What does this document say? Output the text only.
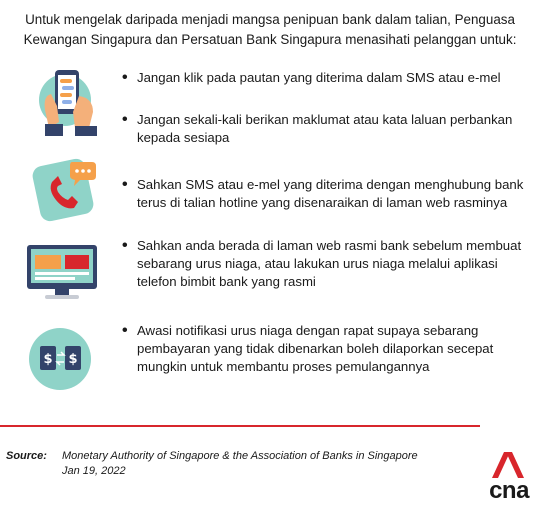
Untuk mengelak daripada menjadi mangsa penipuan bank dalam talian, Penguasa Kewangan Singapura dan Persatuan Bank Singapura menasihati pelanggan untuk:
• Jangan klik pada pautan yang diterima dalam SMS atau e-mel
• Jangan sekali-kali berikan maklumat atau kata laluan perbankan kepada sesiapa
• Sahkan SMS atau e-mel yang diterima dengan menghubung bank terus di talian hotline yang disenaraikan di laman web rasminya
• Sahkan anda berada di laman web rasmi bank sebelum membuat sebarang urus niaga, atau lakukan urus niaga melalui aplikasi telefon bimbit bank yang rasmi
$ $
• Awasi notifikasi urus niaga dengan rapat supaya sebarang pembayaran yang tidak dibenarkan boleh dilaporkan secepat mungkin untuk membantu proses pemulangannya
Source: Monetary Authority of Singapore & the Association of Banks in Singapore
Jan 19, 2022
cna
